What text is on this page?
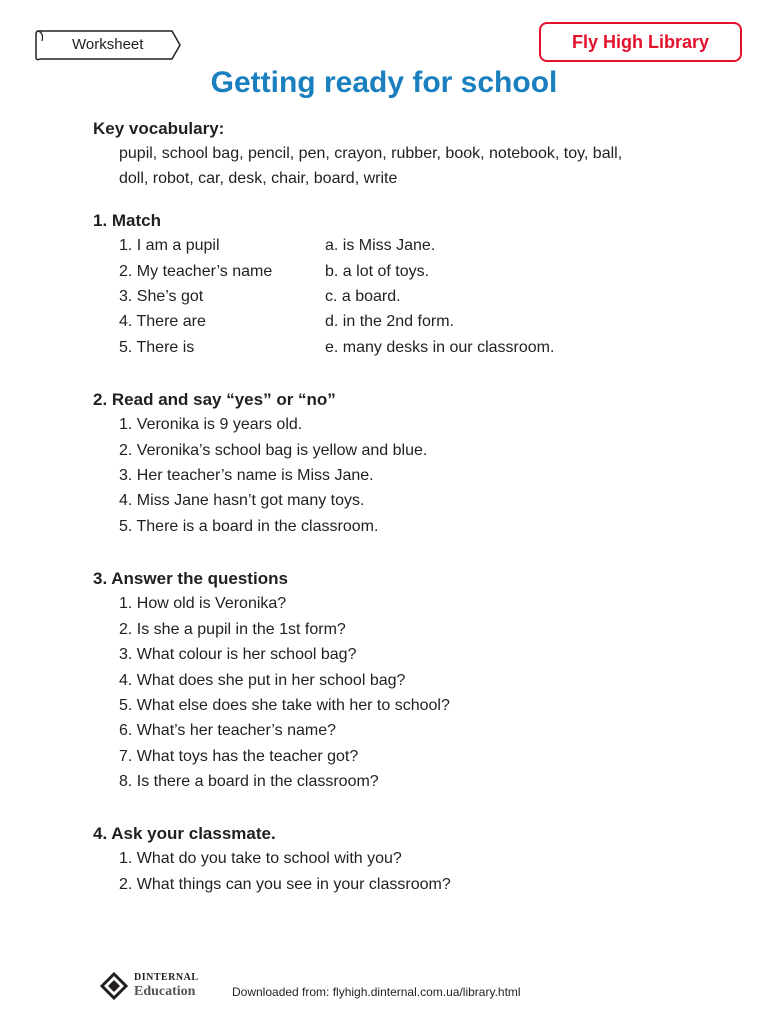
Worksheet	Fly High Library
Getting ready for school
Key vocabulary:
pupil, school bag, pencil, pen, crayon, rubber, book, notebook, toy, ball,
doll, robot, car, desk, chair, board, write
1. Match
1. I am a pupil
2. My teacher’s name
3. She’s got
4. There are
5. There is
a. is Miss Jane.
b. a lot of toys.
c. a board.
d. in the 2nd form.
e. many desks in our classroom.
2. Read and say “yes” or “no”
1. Veronika is 9 years old.
2. Veronika’s school bag is yellow and blue.
3. Her teacher’s name is Miss Jane.
4. Miss Jane hasn’t got many toys.
5. There is a board in the classroom.
3. Answer the questions
1. How old is Veronika?
2. Is she a pupil in the 1st form?
3. What colour is her school bag?
4. What does she put in her school bag?
5. What else does she take with her to school?
6. What’s her teacher’s name?
7. What toys has the teacher got?
8. Is there a board in the classroom?
4. Ask your classmate.
1. What do you take to school with you?
2. What things can you see in your classroom?
DINTERNAL
Education	Downloaded from: flyhigh.dinternal.com.ua/library.html
